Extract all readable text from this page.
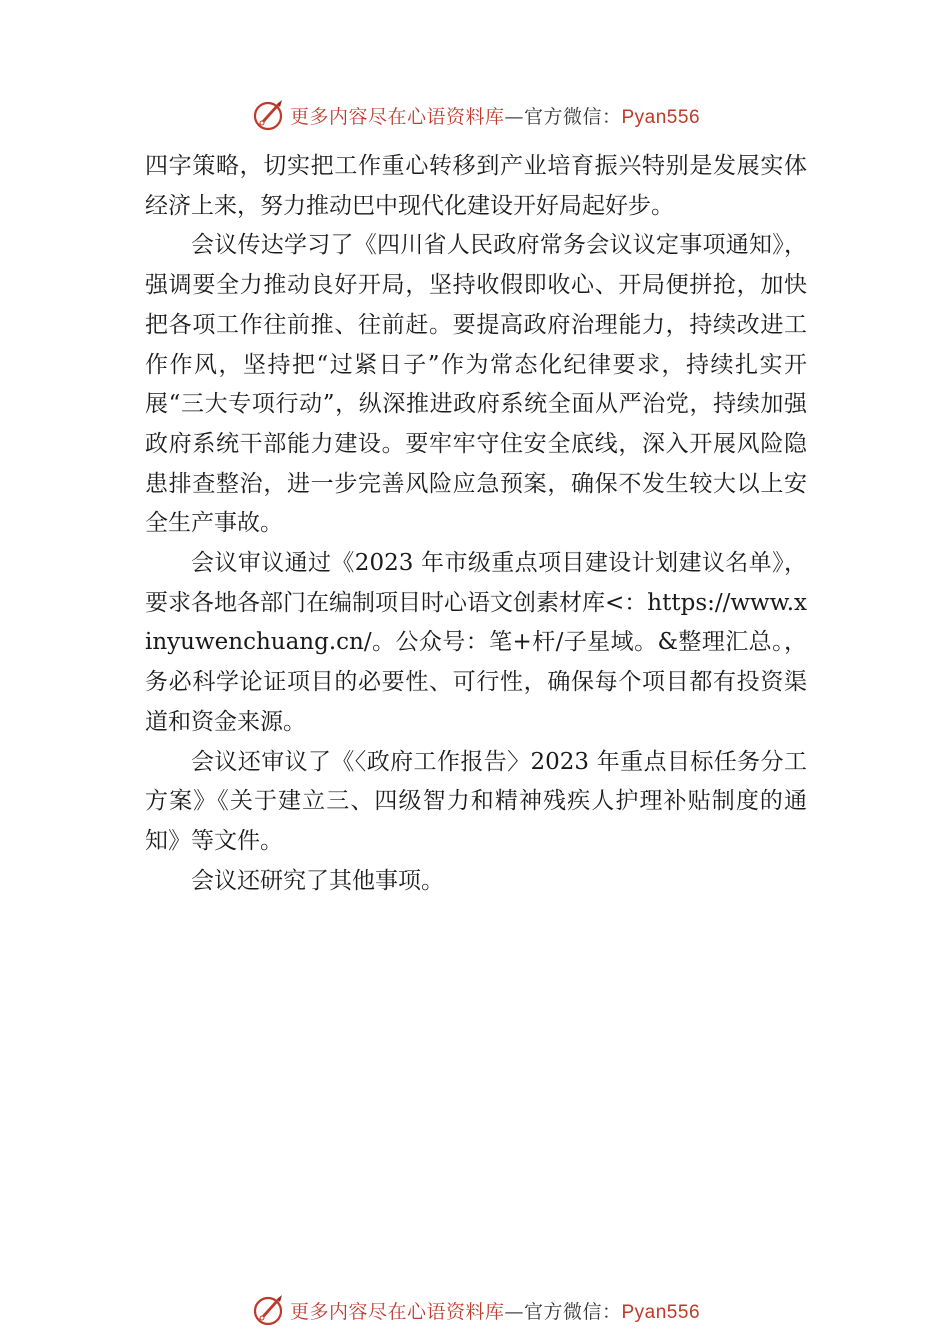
更多内容尽在心语资料库—官方微信：Pyan556

四字策略，切实把工作重心转移到产业培育振兴特别是发展实体经济上来，努力推动巴中现代化建设开好局起好步。

会议传达学习了《四川省人民政府常务会议议定事项通知》，强调要全力推动良好开局，坚持收假即收心、开局便拼抢，加快把各项工作往前推、往前赶。要提高政府治理能力，持续改进工作作风，坚持把“过紧日子”作为常态化纪律要求，持续扎实开展“三大专项行动”，纵深推进政府系统全面从严治党，持续加强政府系统干部能力建设。要牢牢守住安全底线，深入开展风险隐患排查整治，进一步完善风险应急预案，确保不发生较大以上安全生产事故。

会议审议通过《2023 年市级重点项目建设计划建议名单》，要求各地各部门在编制项目时心语文创素材库<：https://www.xinyuwenchuang.cn/。公众号：笔+杆/子星域。&整理汇总。，务必科学论证项目的必要性、可行性，确保每个项目都有投资渠道和资金来源。

会议还审议了《〈政府工作报告〉2023 年重点目标任务分工方案》《关于建立三、四级智力和精神残疾人护理补贴制度的通知》等文件。

会议还研究了其他事项。

更多内容尽在心语资料库—官方微信：Pyan556
